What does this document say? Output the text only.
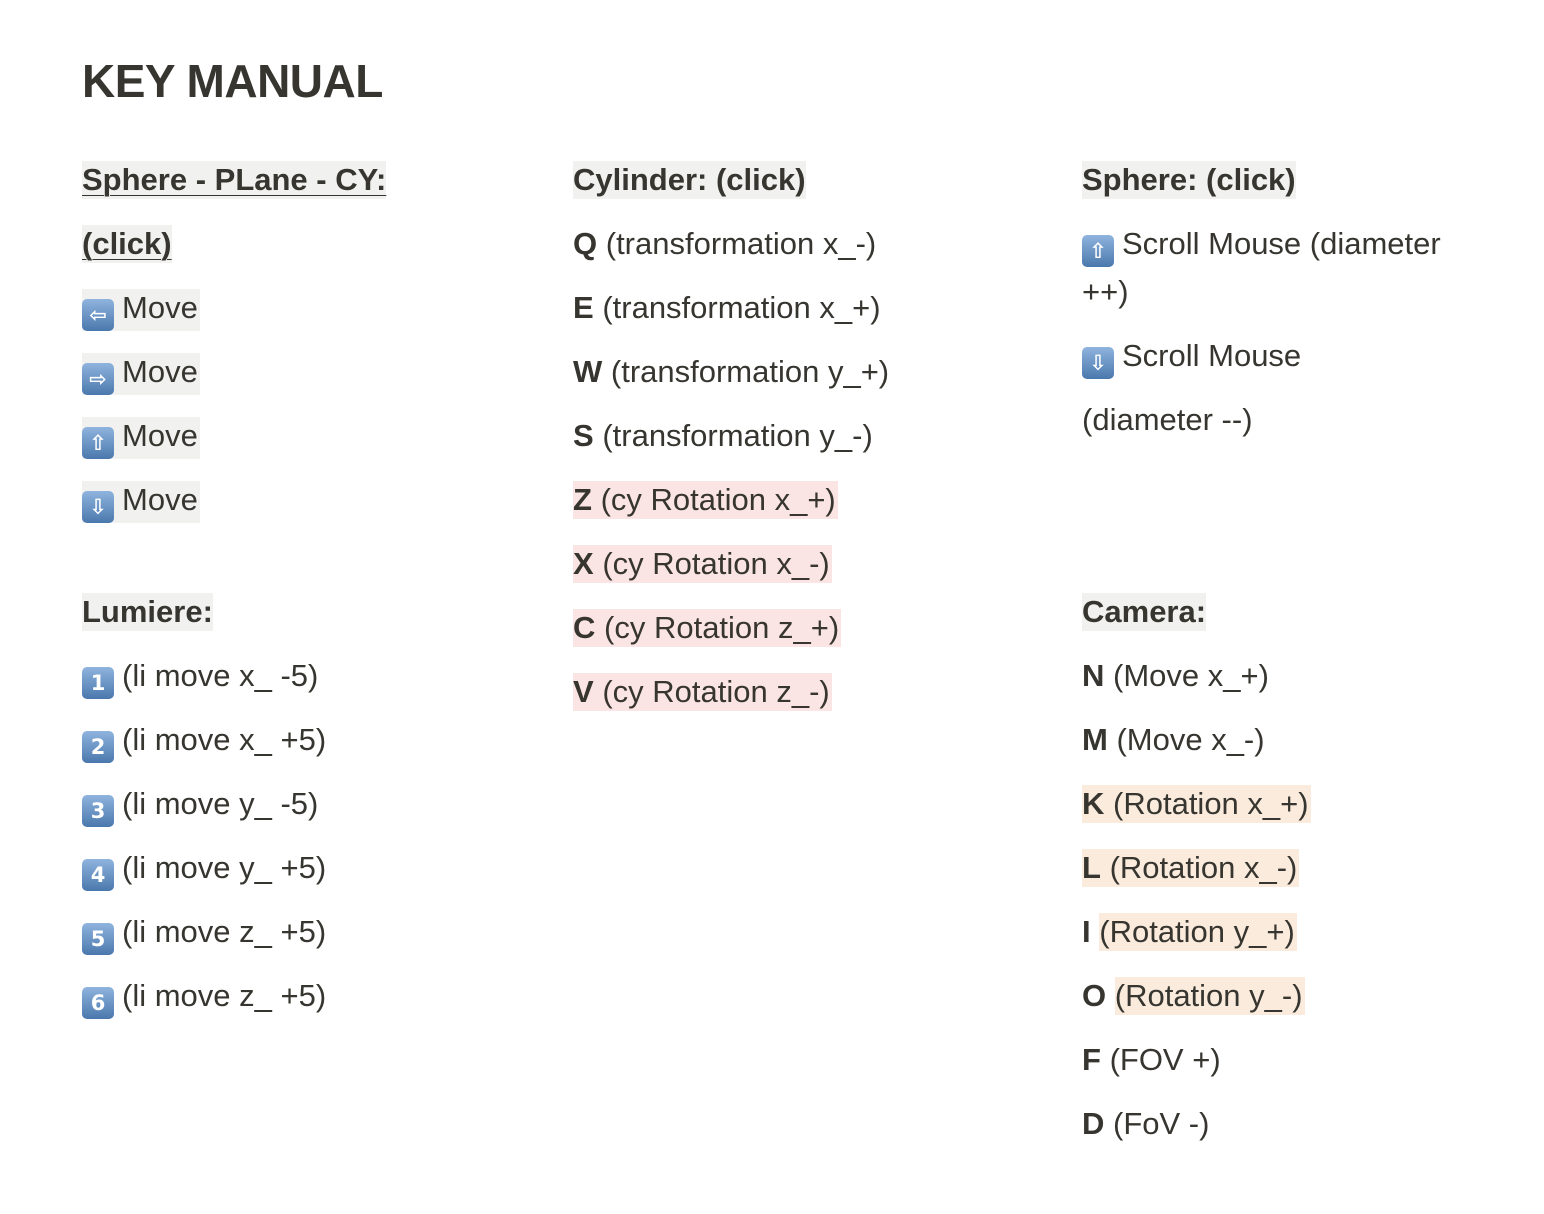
KEY MANUAL
Sphere - PLane - CY:
(click)
⇦ Move
⇨ Move
⇧ Move
⇩ Move
Lumiere:
1 (li move x_ -5)
2 (li move x_ +5)
3 (li move y_ -5)
4 (li move y_ +5)
5 (li move z_ +5)
6 (li move z_ +5)
Cylinder: (click)
Q (transformation x_-)
E (transformation x_+)
W (transformation y_+)
S (transformation y_-)
Z (cy Rotation x_+)
X (cy Rotation x_-)
C (cy Rotation z_+)
V (cy Rotation z_-)
Sphere: (click)
⇧ Scroll Mouse (diameter ++)
⇩ Scroll Mouse
(diameter --)
Camera:
N (Move x_+)
M (Move x_-)
K (Rotation x_+)
L (Rotation x_-)
I (Rotation y_+)
O (Rotation y_-)
F (FOV +)
D (FoV -)
